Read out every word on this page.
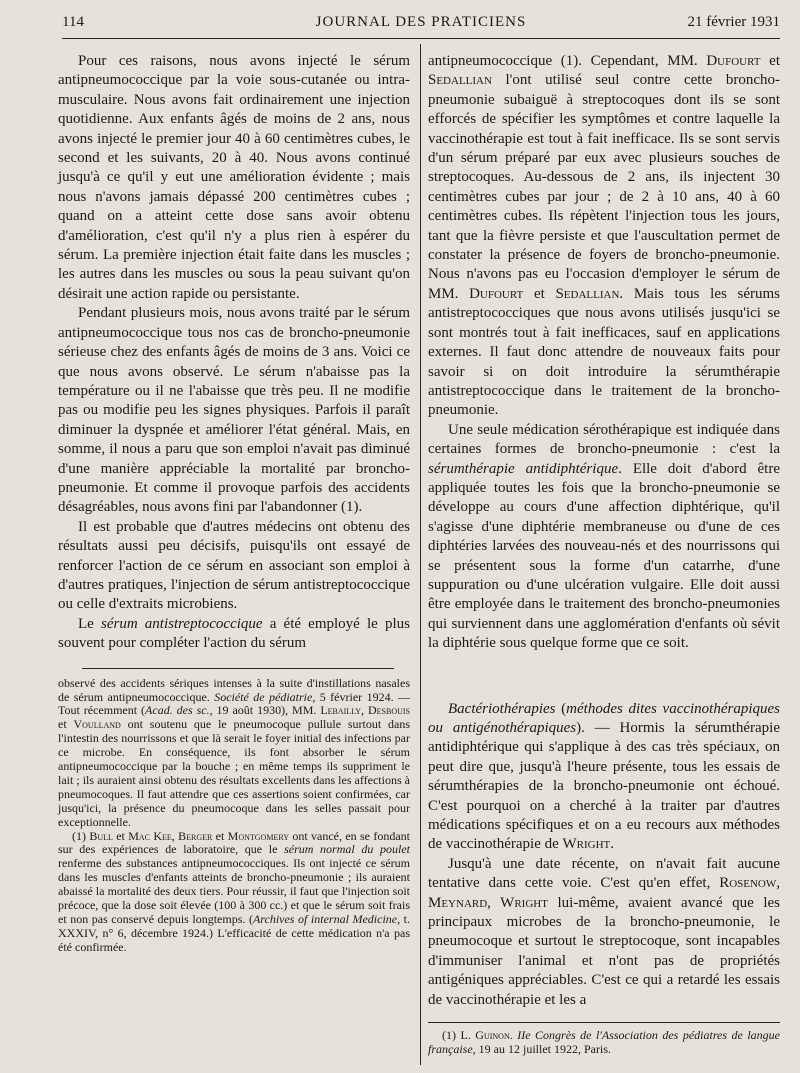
114	JOURNAL DES PRATICIENS	21 février 1931

Pour ces raisons, nous avons injecté le sérum antipneumococcique par la voie sous-cutanée ou intra-musculaire. Nous avons fait ordinairement une injection quotidienne. Aux enfants âgés de moins de 2 ans, nous avons injecté le premier jour 40 à 60 centimètres cubes, le second et les suivants, 20 à 40. Nous avons continué jusqu'à ce qu'il y eut une amélioration évidente ; mais nous n'avons jamais dépassé 200 centimètres cubes ; quand on a atteint cette dose sans avoir obtenu d'amélioration, c'est qu'il n'y a plus rien à espérer du sérum. La première injection était faite dans les muscles ; les autres dans les muscles ou sous la peau suivant qu'on désirait une action rapide ou persistante.

Pendant plusieurs mois, nous avons traité par le sérum antipneumococcique tous nos cas de broncho-pneumonie sérieuse chez des enfants âgés de moins de 3 ans. Voici ce que nous avons observé. Le sérum n'abaisse pas la température ou il ne l'abaisse que très peu. Il ne modifie pas ou modifie peu les signes physiques. Parfois il paraît diminuer la dyspnée et améliorer l'état général. Mais, en somme, il nous a paru que son emploi n'avait pas diminué d'une manière appréciable la mortalité par broncho-pneumonie. Et comme il provoque parfois des accidents désagréables, nous avons fini par l'abandonner (1).

Il est probable que d'autres médecins ont obtenu des résultats aussi peu décisifs, puisqu'ils ont essayé de renforcer l'action de ce sérum en associant son emploi à d'autres pratiques, l'injection de sérum antistreptococcique ou celle d'extraits microbiens.

Le sérum antistreptococcique a été employé le plus souvent pour compléter l'action du sérum

observé des accidents sériques intenses à la suite d'instillations nasales de sérum antipneumococcique. Société de pédiatrie, 5 février 1924. — Tout récemment (Acad. des sc., 19 août 1930), MM. Lebailly, Desbouis et Voulland ont soutenu que le pneumocoque pullule surtout dans l'intestin des nourrissons et que là serait le foyer initial des infections par ce microbe. En conséquence, ils font absorber le sérum antipneumococcique par la bouche ; en même temps ils suppriment le lait ; ils auraient ainsi obtenu des résultats excellents dans les affections à pneumocoques. Il faut attendre que ces assertions soient confirmées, car jusqu'ici, la présence du pneumocoque dans les selles passait pour exceptionnelle.

(1) Bull et Mac Kee, Berger et Montgomery ont vancé, en se fondant sur des expériences de laboratoire, que le sérum normal du poulet renferme des substances antipneumococciques. Ils ont injecté ce sérum dans les muscles d'enfants atteints de broncho-pneumonie ; ils auraient abaissé la mortalité des deux tiers. Pour réussir, il faut que l'injection soit précoce, que la dose soit élevée (100 à 300 cc.) et que le sérum soit frais et non pas conservé depuis longtemps. (Archives of internal Medicine, t. XXXIV, n° 6, décembre 1924.) L'efficacité de cette médication n'a pas été confirmée.

antipneumococcique (1). Cependant, MM. Dufourt et Sedallian l'ont utilisé seul contre cette broncho-pneumonie subaiguë à streptocoques dont ils se sont efforcés de spécifier les symptômes et contre laquelle la vaccinothérapie est tout à fait inefficace. Ils se sont servis d'un sérum préparé par eux avec plusieurs souches de streptocoques. Au-dessous de 2 ans, ils injectent 30 centimètres cubes par jour ; de 2 à 10 ans, 40 à 60 centimètres cubes. Ils répètent l'injection tous les jours, tant que la fièvre persiste et que l'auscultation permet de constater la présence de foyers de broncho-pneumonie. Nous n'avons pas eu l'occasion d'employer le sérum de MM. Dufourt et Sedallian. Mais tous les sérums antistreptococciques que nous avons utilisés jusqu'ici se sont montrés tout à fait inefficaces, sauf en applications externes. Il faut donc attendre de nouveaux faits pour savoir si on doit introduire la sérumthérapie antistreptococcique dans le traitement de la broncho-pneumonie.

Une seule médication sérothérapique est indiquée dans certaines formes de broncho-pneumonie : c'est la sérumthérapie antidiphtérique. Elle doit d'abord être appliquée toutes les fois que la broncho-pneumonie se développe au cours d'une affection diphtérique, qu'il s'agisse d'une diphtérie membraneuse ou d'une de ces diphtéries larvées des nouveau-nés et des nourrissons qui se présentent sous la forme d'un catarrhe, d'une suppuration ou d'une ulcération vulgaire. Elle doit aussi être employée dans le traitement des broncho-pneumonies qui surviennent dans une agglomération d'enfants où sévit la diphtérie sous quelque forme que ce soit.

Bactériothérapies (méthodes dites vaccinothérapiques ou antigénothérapiques). — Hormis la sérumthérapie antidiphtérique qui s'applique à des cas très spéciaux, on peut dire que, jusqu'à l'heure présente, tous les essais de sérumthérapies de la broncho-pneumonie ont échoué. C'est pourquoi on a cherché à la traiter par d'autres médications spécifiques et on a eu recours aux méthodes de vaccinothérapie de Wright.

Jusqu'à une date récente, on n'avait fait aucune tentative dans cette voie. C'est qu'en effet, Rosenow, Meynard, Wright lui-même, avaient avancé que les principaux microbes de la broncho-pneumonie, le pneumocoque et surtout le streptocoque, sont incapables d'immuniser l'animal et n'ont pas de propriétés antigéniques appréciables. C'est ce qui a retardé les essais de vaccinothérapie et les a

(1) L. Guinon. IIe Congrès de l'Association des pédiatres de langue française, 19 au 12 juillet 1922, Paris.
